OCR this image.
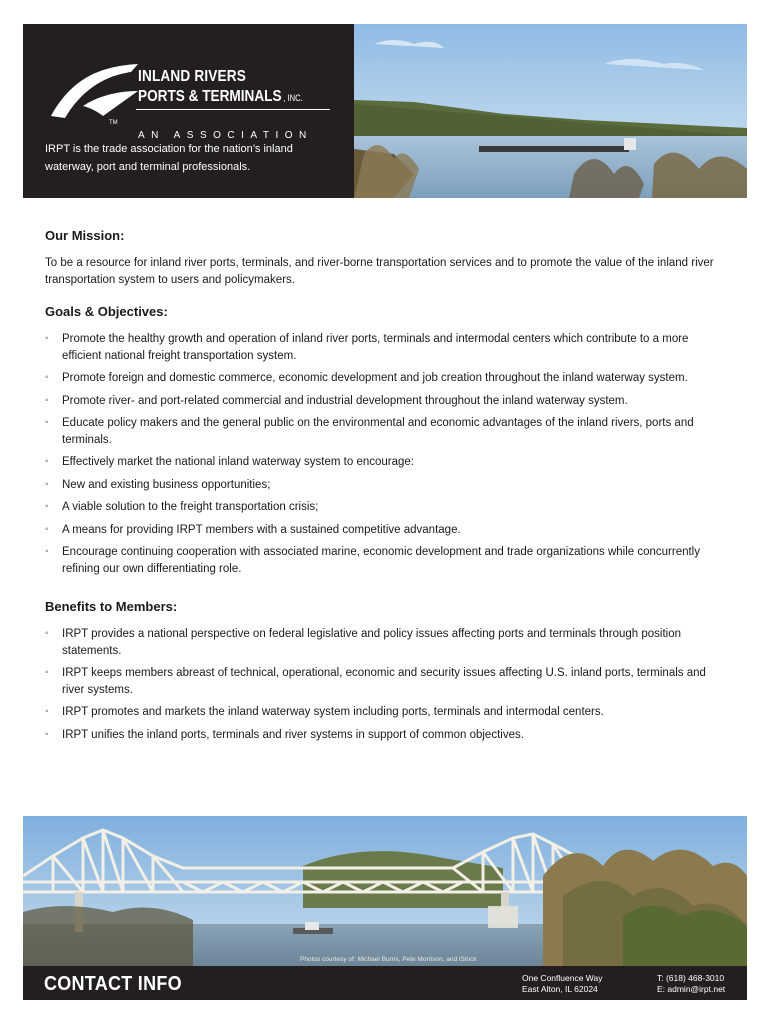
INLAND RIVERS
PORTS & TERMINALS , INC.
AN ASSOCIATION
TM
IRPT is the trade association for the nation’s inland waterway, port and terminal professionals.
Our Mission:

To be a resource for inland river ports, terminals, and river-borne transportation services and to promote the value of the inland river transportation system to users and policymakers.

Goals & Objectives:
◦ Promote the healthy growth and operation of inland river ports, terminals and intermodal centers which contribute to a more efficient national freight transportation system.
◦ Promote foreign and domestic commerce, economic development and job creation throughout the inland waterway system.
◦ Promote river- and port-related commercial and industrial development throughout the inland waterway system.
◦ Educate policy makers and the general public on the environmental and economic advantages of the inland rivers, ports and terminals.
◦ Effectively market the national inland waterway system to encourage:
◦ New and existing business opportunities;
◦ A viable solution to the freight transportation crisis;
◦ A means for providing IRPT members with a sustained competitive advantage.
◦ Encourage continuing cooperation with associated marine, economic development and trade organizations while concurrently refining our own differentiating role.
Benefits to Members:
◦ IRPT provides a national perspective on federal legislative and policy issues affecting ports and terminals through position statements.
◦ IRPT keeps members abreast of technical, operational, economic and security issues affecting U.S. inland ports, terminals and river systems.
◦ IRPT promotes and markets the inland waterway system including ports, terminals and intermodal centers.
◦ IRPT unifies the inland ports, terminals and river systems in support of common objectives.
Photos courtesy of: Michael Burns, Pete Morrison, and iStock
CONTACT INFO	One Confluence Way
East Alton, IL 62024
T: (618) 468-3010
E: admin@irpt.net
